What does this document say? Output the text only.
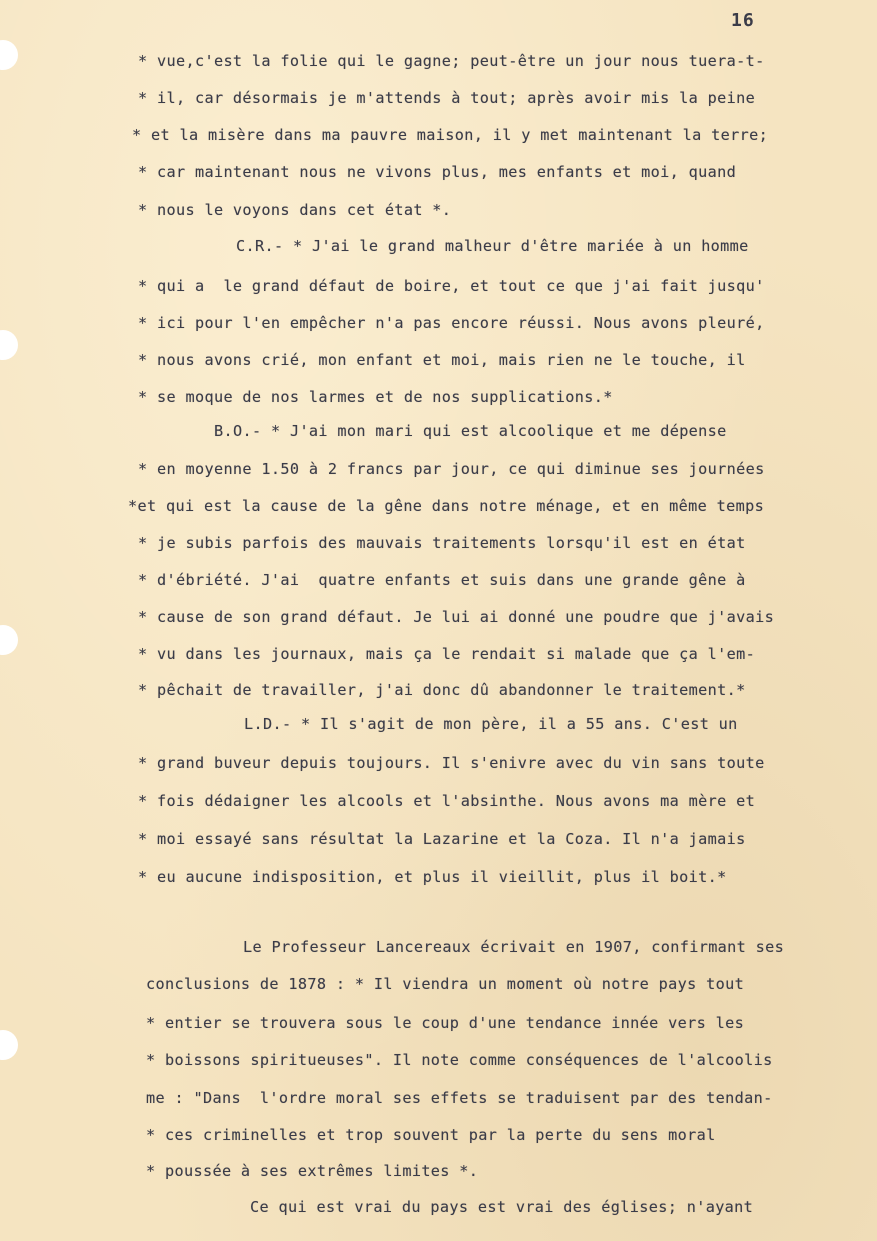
16
* vue,c'est la folie qui le gagne; peut-être un jour nous tuera-t-
* il, car désormais je m'attends à tout; après avoir mis la peine
* et la misère dans ma pauvre maison, il y met maintenant la terre;
* car maintenant nous ne vivons plus, mes enfants et moi, quand
* nous le voyons dans cet état *.
C.R.- * J'ai le grand malheur d'être mariée à un homme
* qui a  le grand défaut de boire, et tout ce que j'ai fait jusqu'
* ici pour l'en empêcher n'a pas encore réussi. Nous avons pleuré,
* nous avons crié, mon enfant et moi, mais rien ne le touche, il
* se moque de nos larmes et de nos supplications.*
B.O.- * J'ai mon mari qui est alcoolique et me dépense
* en moyenne 1.50 à 2 francs par jour, ce qui diminue ses journées
*et qui est la cause de la gêne dans notre ménage, et en même temps
* je subis parfois des mauvais traitements lorsqu'il est en état
* d'ébriété. J'ai  quatre enfants et suis dans une grande gêne à
* cause de son grand défaut. Je lui ai donné une poudre que j'avais
* vu dans les journaux, mais ça le rendait si malade que ça l'em-
* pêchait de travailler, j'ai donc dû abandonner le traitement.*
L.D.- * Il s'agit de mon père, il a 55 ans. C'est un
* grand buveur depuis toujours. Il s'enivre avec du vin sans toute
* fois dédaigner les alcools et l'absinthe. Nous avons ma mère et
* moi essayé sans résultat la Lazarine et la Coza. Il n'a jamais
* eu aucune indisposition, et plus il vieillit, plus il boit.*
Le Professeur Lancereaux écrivait en 1907, confirmant ses
conclusions de 1878 : * Il viendra un moment où notre pays tout
* entier se trouvera sous le coup d'une tendance innée vers les
* boissons spiritueuses". Il note comme conséquences de l'alcoolis
me : "Dans  l'ordre moral ses effets se traduisent par des tendan-
* ces criminelles et trop souvent par la perte du sens moral
* poussée à ses extrêmes limites *.
Ce qui est vrai du pays est vrai des églises; n'ayant
